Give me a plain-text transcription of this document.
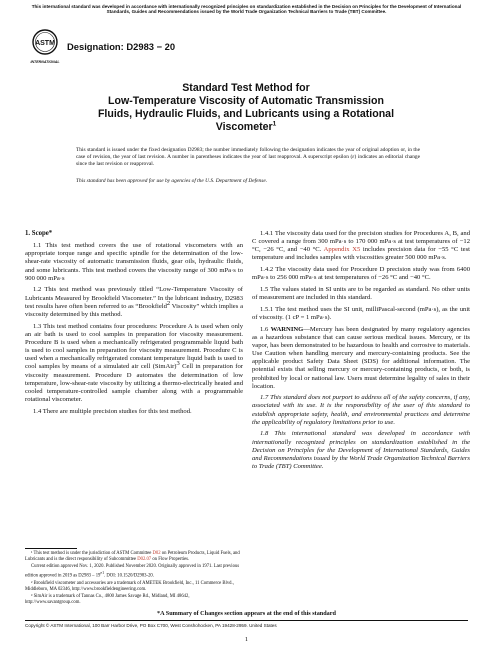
This international standard was developed in accordance with internationally recognized principles on standardization established in the Decision on Principles for the Development of International Standards, Guides and Recommendations issued by the World Trade Organization Technical Barriers to Trade (TBT) Committee.
ASTM
INTERNATIONAL
Designation: D2983 − 20
Standard Test Method for
Low-Temperature Viscosity of Automatic Transmission
Fluids, Hydraulic Fluids, and Lubricants using a Rotational
Viscometer$^1$
This standard is issued under the fixed designation D2983; the number immediately following the designation indicates the year of original adoption or, in the case of revision, the year of last revision. A number in parentheses indicates the year of last reapproval. A superscript epsilon (ε) indicates an editorial change since the last revision or reapproval.
This standard has been approved for use by agencies of the U.S. Department of Defense.
1. Scope*

1.1 This test method covers the use of rotational viscometers with an appropriate torque range and specific spindle for the determination of the low-shear-rate viscosity of automatic transmission fluids, gear oils, hydraulic fluids, and some lubricants. This test method covers the viscosity range of 300 mPa·s to 900 000 mPa·s

1.2 This test method was previously titled “Low-Temperature Viscosity of Lubricants Measured by Brookfield Viscometer.” In the lubricant industry, D2983 test results have often been referred to as “Brookfield$^2$ Viscosity” which implies a viscosity determined by this method.

1.3 This test method contains four procedures: Procedure A is used when only an air bath is used to cool samples in preparation for viscosity measurement. Procedure B is used when a mechanically refrigerated programmable liquid bath is used to cool samples in preparation for viscosity measurement. Procedure C is used when a mechanically refrigerated constant temperature liquid bath is used to cool samples by means of a simulated air cell (SimAir)$^3$ Cell in preparation for viscosity measurement. Procedure D automates the determination of low temperature, low-shear-rate viscosity by utilizing a thermo-electrically heated and cooled temperature-controlled sample chamber along with a programmable rotational viscometer.

1.4 There are multiple precision studies for this test method.

¹ This test method is under the jurisdiction of ASTM Committee D02 on Petroleum Products, Liquid Fuels, and Lubricants and is the direct responsibility of Subcommittee D02.07 on Flow Properties.

Current edition approved Nov. 1, 2020. Published November 2020. Originally approved in 1971. Last previous edition approved in 2019 as $D2983 - 19^{e1}$. DOI: 10.1520/D2983-20.

² Brookfield viscometer and accessories are a trademark of AMETEK Brookfield, Inc., 11 Commerce Blvd., Middleboro, MA 02346, http://www.brookfieldengineering.com.

³ SimAir is a trademark of Tannas Co., 4800 James Savage Rd., Midland, MI 48642, http://www.savantgroup.com.

1.4.1 The viscosity data used for the precision studies for Procedures A, B, and C covered a range from 300 mPa·s to 170 000 mPa·s at test temperatures of −12 °C, −26 °C, and −40 °C. Appendix X5 includes precision data for −55 °C test temperature and includes samples with viscosities greater 500 000 mPa·s.

1.4.2 The viscosity data used for Procedure D precision study was from 6400 mPa·s to 256 000 mPa·s at test temperatures of −26 °C and −40 °C.

1.5 The values stated in SI units are to be regarded as standard. No other units of measurement are included in this standard.

1.5.1 The test method uses the SI unit, milliPascal-second (mPa·s), as the unit of viscosity. (1 cP = 1 mPa·s).

1.6 WARNING—Mercury has been designated by many regulatory agencies as a hazardous substance that can cause serious medical issues. Mercury, or its vapor, has been demonstrated to be hazardous to health and corrosive to materials. Use Caution when handling mercury and mercury-containing products. See the applicable product Safety Data Sheet (SDS) for additional information. The potential exists that selling mercury or mercury-containing products, or both, is prohibited by local or national law. Users must determine legality of sales in their location.

1.7 This standard does not purport to address all of the safety concerns, if any, associated with its use. It is the responsibility of the user of this standard to establish appropriate safety, health, and environmental practices and determine the applicability of regulatory limitations prior to use.

1.8 This international standard was developed in accordance with internationally recognized principles on standardization established in the Decision on Principles for the Development of International Standards, Guides and Recommendations issued by the World Trade Organization Technical Barriers to Trade (TBT) Committee.

*A Summary of Changes section appears at the end of this standard
Copyright © ASTM International, 100 Barr Harbor Drive, PO Box C700, West Conshohocken, PA 19428-2959. United States
1
